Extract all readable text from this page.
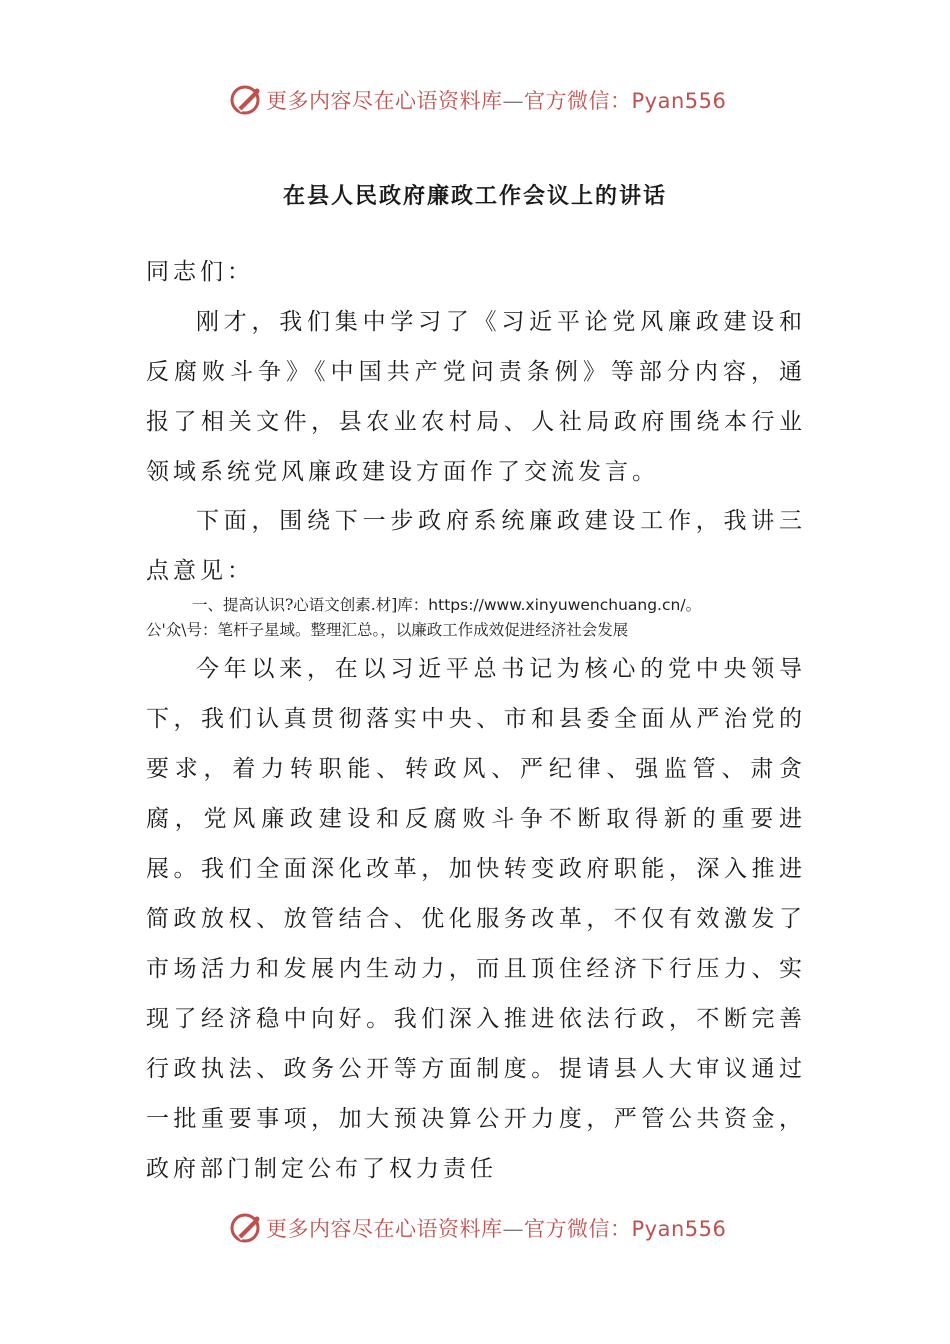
更多内容尽在心语资料库—官方微信：Pyan556
在县人民政府廉政工作会议上的讲话
同志们：
刚才，我们集中学习了《习近平论党风廉政建设和反腐败斗争》《中国共产党问责条例》等部分内容，通报了相关文件，县农业农村局、人社局政府围绕本行业领域系统党风廉政建设方面作了交流发言。
下面，围绕下一步政府系统廉政建设工作，我讲三点意见：
一、提高认识?心语文创素.材]库：https://www.xinyuwenchuang.cn/。
公'众\号：笔杆子星域。整理汇总。，以廉政工作成效促进经济社会发展
今年以来，在以习近平总书记为核心的党中央领导下，我们认真贯彻落实中央、市和县委全面从严治党的要求，着力转职能、转政风、严纪律、强监管、肃贪腐，党风廉政建设和反腐败斗争不断取得新的重要进展。我们全面深化改革，加快转变政府职能，深入推进简政放权、放管结合、优化服务改革，不仅有效激发了市场活力和发展内生动力，而且顶住经济下行压力、实现了经济稳中向好。我们深入推进依法行政，不断完善行政执法、政务公开等方面制度。提请县人大审议通过一批重要事项，加大预决算公开力度，严管公共资金，政府部门制定公布了权力责任
更多内容尽在心语资料库—官方微信：Pyan556
